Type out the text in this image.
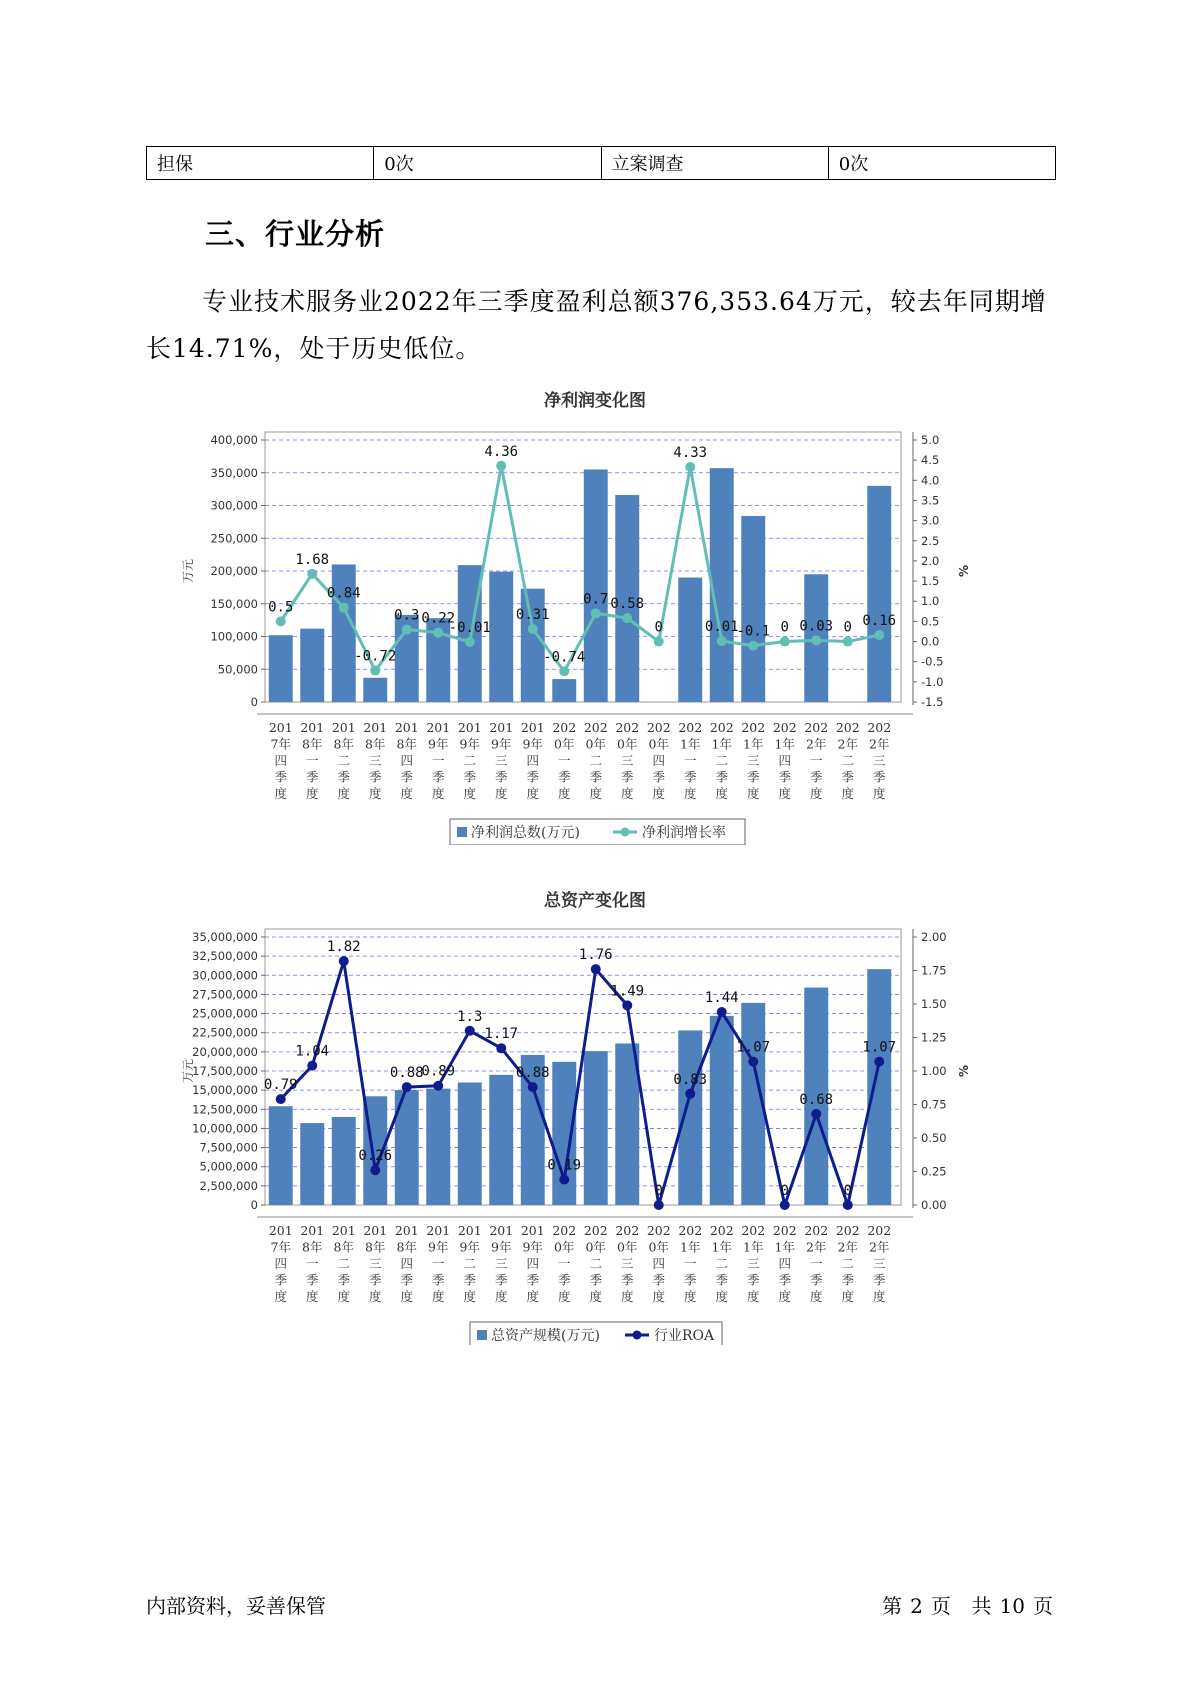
担保	0次	立案调查	0次
三、行业分析
专业技术服务业2022年三季度盈利总额376,353.64万元，较去年同期增长14.71%，处于历史低位。
净利润变化图
0
50,000
100,000
150,000
200,000
250,000
300,000
350,000
400,000
-1.5
-1.0
-0.5
0.0
0.5
1.0
1.5
2.0
2.5
3.0
3.5
4.0
4.5
5.0
万元	%
0.5
1.68
0.84
-0.72
0.3 0.22
-0.01
4.36
0.31
-0.74
0.7 0.58
0
4.33
0.01
-0.1 0 0.03 0 0.16
201
7年
四
季
度
201
8年
一
季
度
201
8年
二
季
度
201
8年
三
季
度
201
8年
四
季
度
201
9年
一
季
度
201
9年
二
季
度
201
9年
三
季
度
201
9年
四
季
度
202
0年
一
季
度
202
0年
二
季
度
202
0年
三
季
度
202
0年
四
季
度
202
1年
一
季
度
202
1年
二
季
度
202
1年
三
季
度
202
1年
四
季
度
202
2年
一
季
度
202
2年
二
季
度
202
2年
三
季
度
净利润总数(万元)	净利润增长率
总资产变化图
0
2,500,000
5,000,000
7,500,000
10,000,000
12,500,000
15,000,000
17,500,000
20,000,000
22,500,000
25,000,000
27,500,000
30,000,000
32,500,000
35,000,000
0.00
0.25
0.50
0.75
1.00
1.25
1.50
1.75
2.00
万元	%
0.79
1.04
1.82
0.26
0.88
0.89
1.3
1.17
0.88
0.19
1.76
1.49
0
0.83
1.44
1.07
0
0.68
0
1.07
201
7年
四
季
度
201
8年
一
季
度
201
8年
二
季
度
201
8年
三
季
度
201
8年
四
季
度
201
9年
一
季
度
201
9年
二
季
度
201
9年
三
季
度
201
9年
四
季
度
202
0年
一
季
度
202
0年
二
季
度
202
0年
三
季
度
202
0年
四
季
度
202
1年
一
季
度
202
1年
二
季
度
202
1年
三
季
度
202
1年
四
季
度
202
2年
一
季
度
202
2年
二
季
度
202
2年
三
季
度
总资产规模(万元)	行业ROA
内部资料，妥善保管	第 2 页 共 10 页
